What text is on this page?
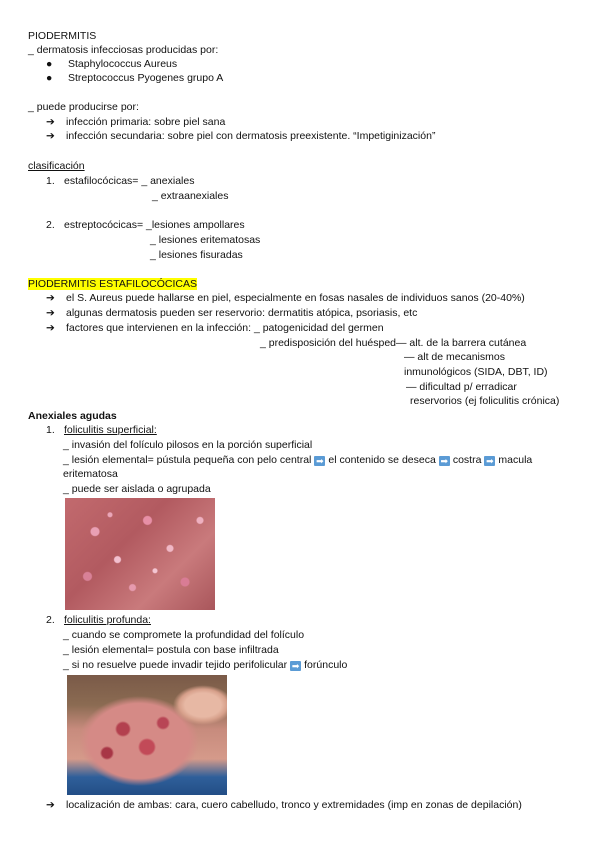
PIODERMITIS
_ dermatosis infecciosas producidas por:
● Staphylococcus Aureus
● Streptococcus Pyogenes grupo A
_ puede producirse por:
➔ infección primaria: sobre piel sana
➔ infección secundaria: sobre piel con dermatosis preexistente. “Impetiginización”
clasificación
1. estafilocócicas= _ anexiales
_ extraanexiales
2. estreptocócicas= _lesiones ampollares
_ lesiones eritematosas
_ lesiones fisuradas
PIODERMITIS ESTAFILOCÓCICAS
➔ el S. Aureus puede hallarse en piel, especialmente en fosas nasales de individuos sanos (20-40%)
➔ algunas dermatosis pueden ser reservorio: dermatitis atópica, psoriasis, etc
➔ factores que intervienen en la infección: _ patogenicidad del germen
_ predisposición del huésped— alt. de la barrera cutánea
— alt de mecanismos
inmunológicos (SIDA, DBT, ID)
— dificultad p/ erradicar
reservorios (ej foliculitis crónica)
Anexiales agudas
1. foliculitis superficial:
_ invasión del folículo pilosos en la porción superficial
_ lesión elemental= pústula pequeña con pelo central ➡ el contenido se deseca ➡ costra ➡ macula
eritematosa
_ puede ser aislada o agrupada
2. foliculitis profunda:
_ cuando se compromete la profundidad del folículo
_ lesión elemental= postula con base infiltrada
_ si no resuelve puede invadir tejido perifolicular ➡ forúnculo
➔ localización de ambas: cara, cuero cabelludo, tronco y extremidades (imp en zonas de depilación)
